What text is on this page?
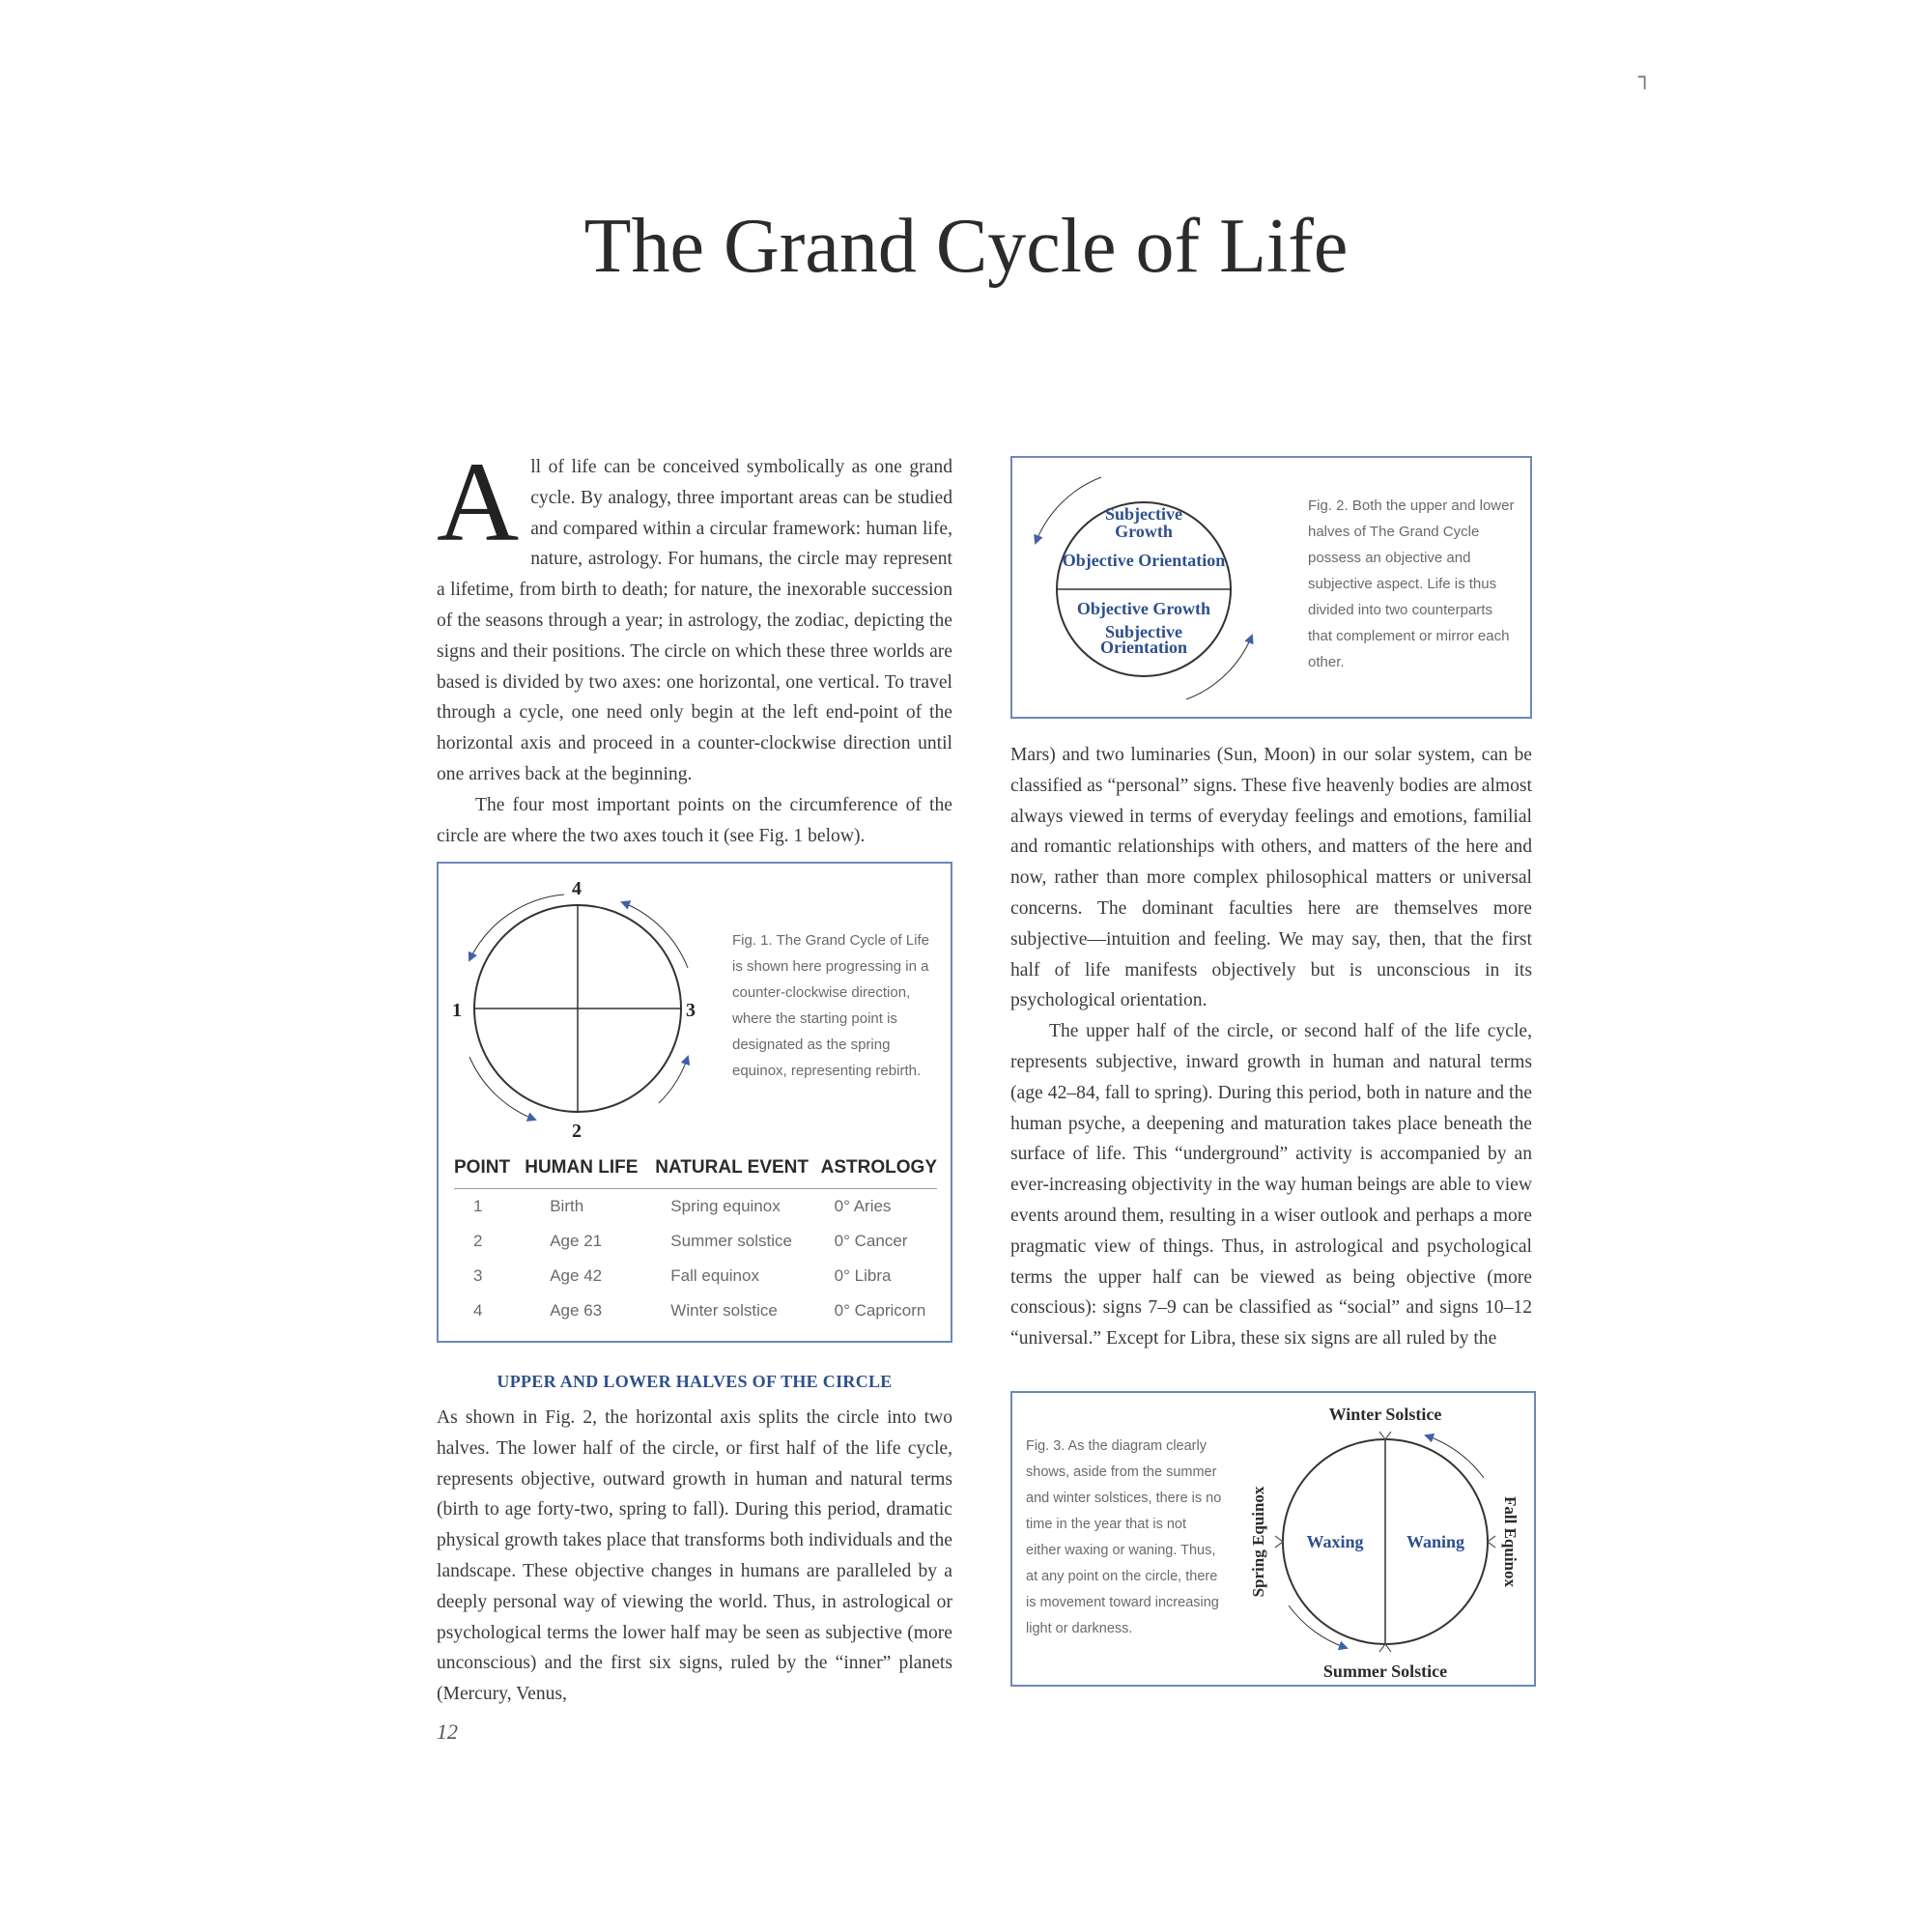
┐
The Grand Cycle of Life

All of life can be conceived symbolically as one grand cycle. By analogy, three important areas can be studied and compared within a circular framework: human life, nature, astrology. For humans, the circle may represent a lifetime, from birth to death; for nature, the inexorable succession of the seasons through a year; in astrology, the zodiac, depicting the signs and their positions. The circle on which these three worlds are based is divided by two axes: one horizontal, one vertical. To travel through a cycle, one need only begin at the left end-point of the horizontal axis and proceed in a counter-clockwise direction until one arrives back at the beginning.

The four most important points on the circumference of the circle are where the two axes touch it (see Fig. 1 below).

1
2
3
4
Fig. 1. The Grand Cycle of Life is shown here progressing in a counter-clockwise direction, where the starting point is designated as the spring equinox, representing rebirth.
POINT	HUMAN LIFE	NATURAL EVENT	ASTROLOGY
1	Birth	Spring equinox	0° Aries
2	Age 21	Summer solstice	0° Cancer
3	Age 42	Fall equinox	0° Libra
4	Age 63	Winter solstice	0° Capricorn
UPPER AND LOWER HALVES OF THE CIRCLE

As shown in Fig. 2, the horizontal axis splits the circle into two halves. The lower half of the circle, or first half of the life cycle, represents objective, outward growth in human and natural terms (birth to age forty-two, spring to fall). During this period, dramatic physical growth takes place that transforms both individuals and the landscape. These objective changes in humans are paralleled by a deeply personal way of viewing the world. Thus, in astrological or psychological terms the lower half may be seen as subjective (more unconscious) and the first six signs, ruled by the “inner” planets (Mercury, Venus,

12
Subjective
Growth
Objective Orientation
Objective Growth
Subjective
Orientation
Fig. 2. Both the upper and lower halves of The Grand Cycle possess an objective and subjective aspect. Life is thus divided into two counterparts that complement or mirror each other.

Mars) and two luminaries (Sun, Moon) in our solar system, can be classified as “personal” signs. These five heavenly bodies are almost always viewed in terms of everyday feelings and emotions, familial and romantic relationships with others, and matters of the here and now, rather than more complex philosophical matters or universal concerns. The dominant faculties here are themselves more subjective—intuition and feeling. We may say, then, that the first half of life manifests objectively but is unconscious in its psychological orientation.

The upper half of the circle, or second half of the life cycle, represents subjective, inward growth in human and natural terms (age 42–84, fall to spring). During this period, both in nature and the human psyche, a deepening and maturation takes place beneath the surface of life. This “underground” activity is accompanied by an ever-increasing objectivity in the way human beings are able to view events around them, resulting in a wiser outlook and perhaps a more pragmatic view of things. Thus, in astrological and psychological terms the upper half can be viewed as being objective (more conscious): signs 7–9 can be classified as “social” and signs 10–12 “universal.” Except for Libra, these six signs are all ruled by the

Fig. 3. As the diagram clearly shows, aside from the summer and winter solstices, there is no time in the year that is not either waxing or waning. Thus, at any point on the circle, there is movement toward increasing light or darkness.
Winter Solstice
Summer Solstice
Spring Equinox	Fall Equinox
Waxing Waning
